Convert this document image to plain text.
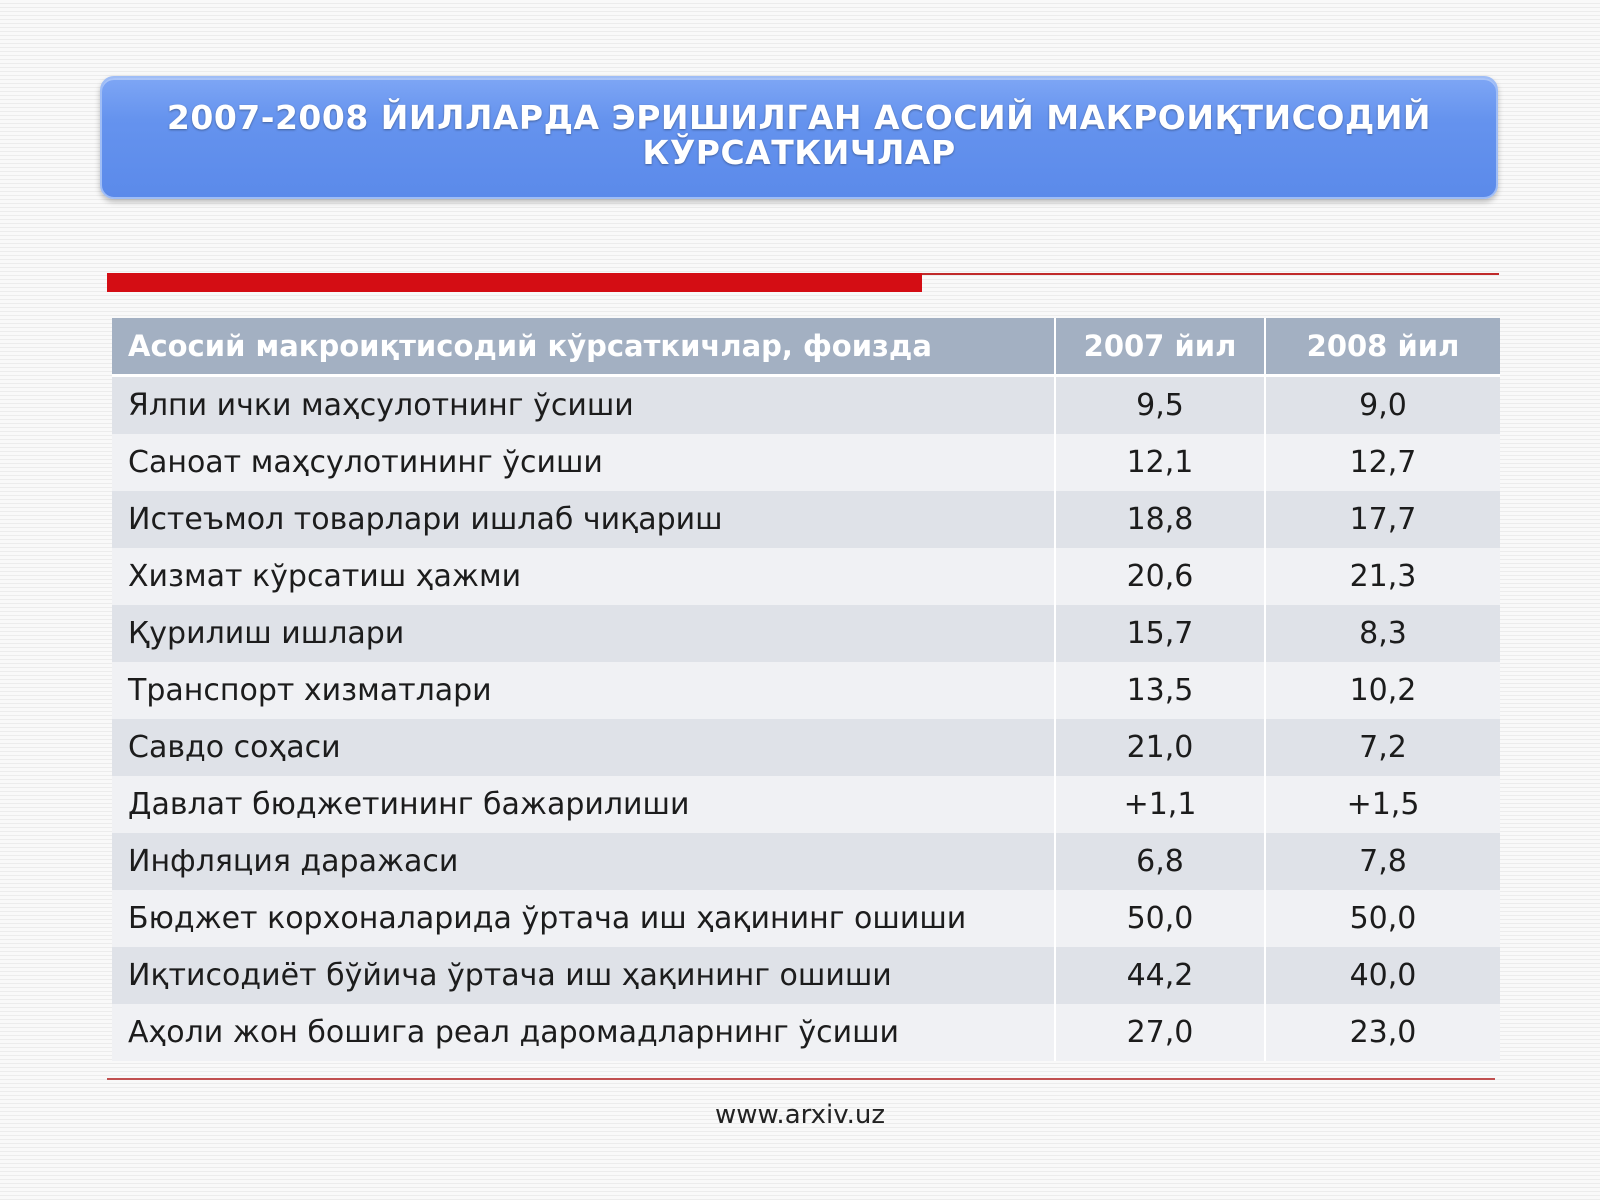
2007-2008 ЙИЛЛАРДА ЭРИШИЛГАН АСОСИЙ МАКРОИҚТИСОДИЙ
КЎРСАТКИЧЛАР
Асосий макроиқтисодий кўрсаткичлар, фоизда	2007 йил	2008 йил
Ялпи ички маҳсулотнинг ўсиши	9,5	9,0
Саноат маҳсулотининг ўсиши	12,1	12,7
Истеъмол товарлари ишлаб чиқариш	18,8	17,7
Хизмат кўрсатиш ҳажми	20,6	21,3
Қурилиш ишлари	15,7	8,3
Транспорт хизматлари	13,5	10,2
Савдо соҳаси	21,0	7,2
Давлат бюджетининг бажарилиши	+1,1	+1,5
Инфляция даражаси	6,8	7,8
Бюджет корхоналарида ўртача иш ҳақининг ошиши	50,0	50,0
Иқтисодиёт бўйича ўртача иш ҳақининг ошиши	44,2	40,0
Аҳоли жон бошига реал даромадларнинг ўсиши	27,0	23,0
www.arxiv.uz
